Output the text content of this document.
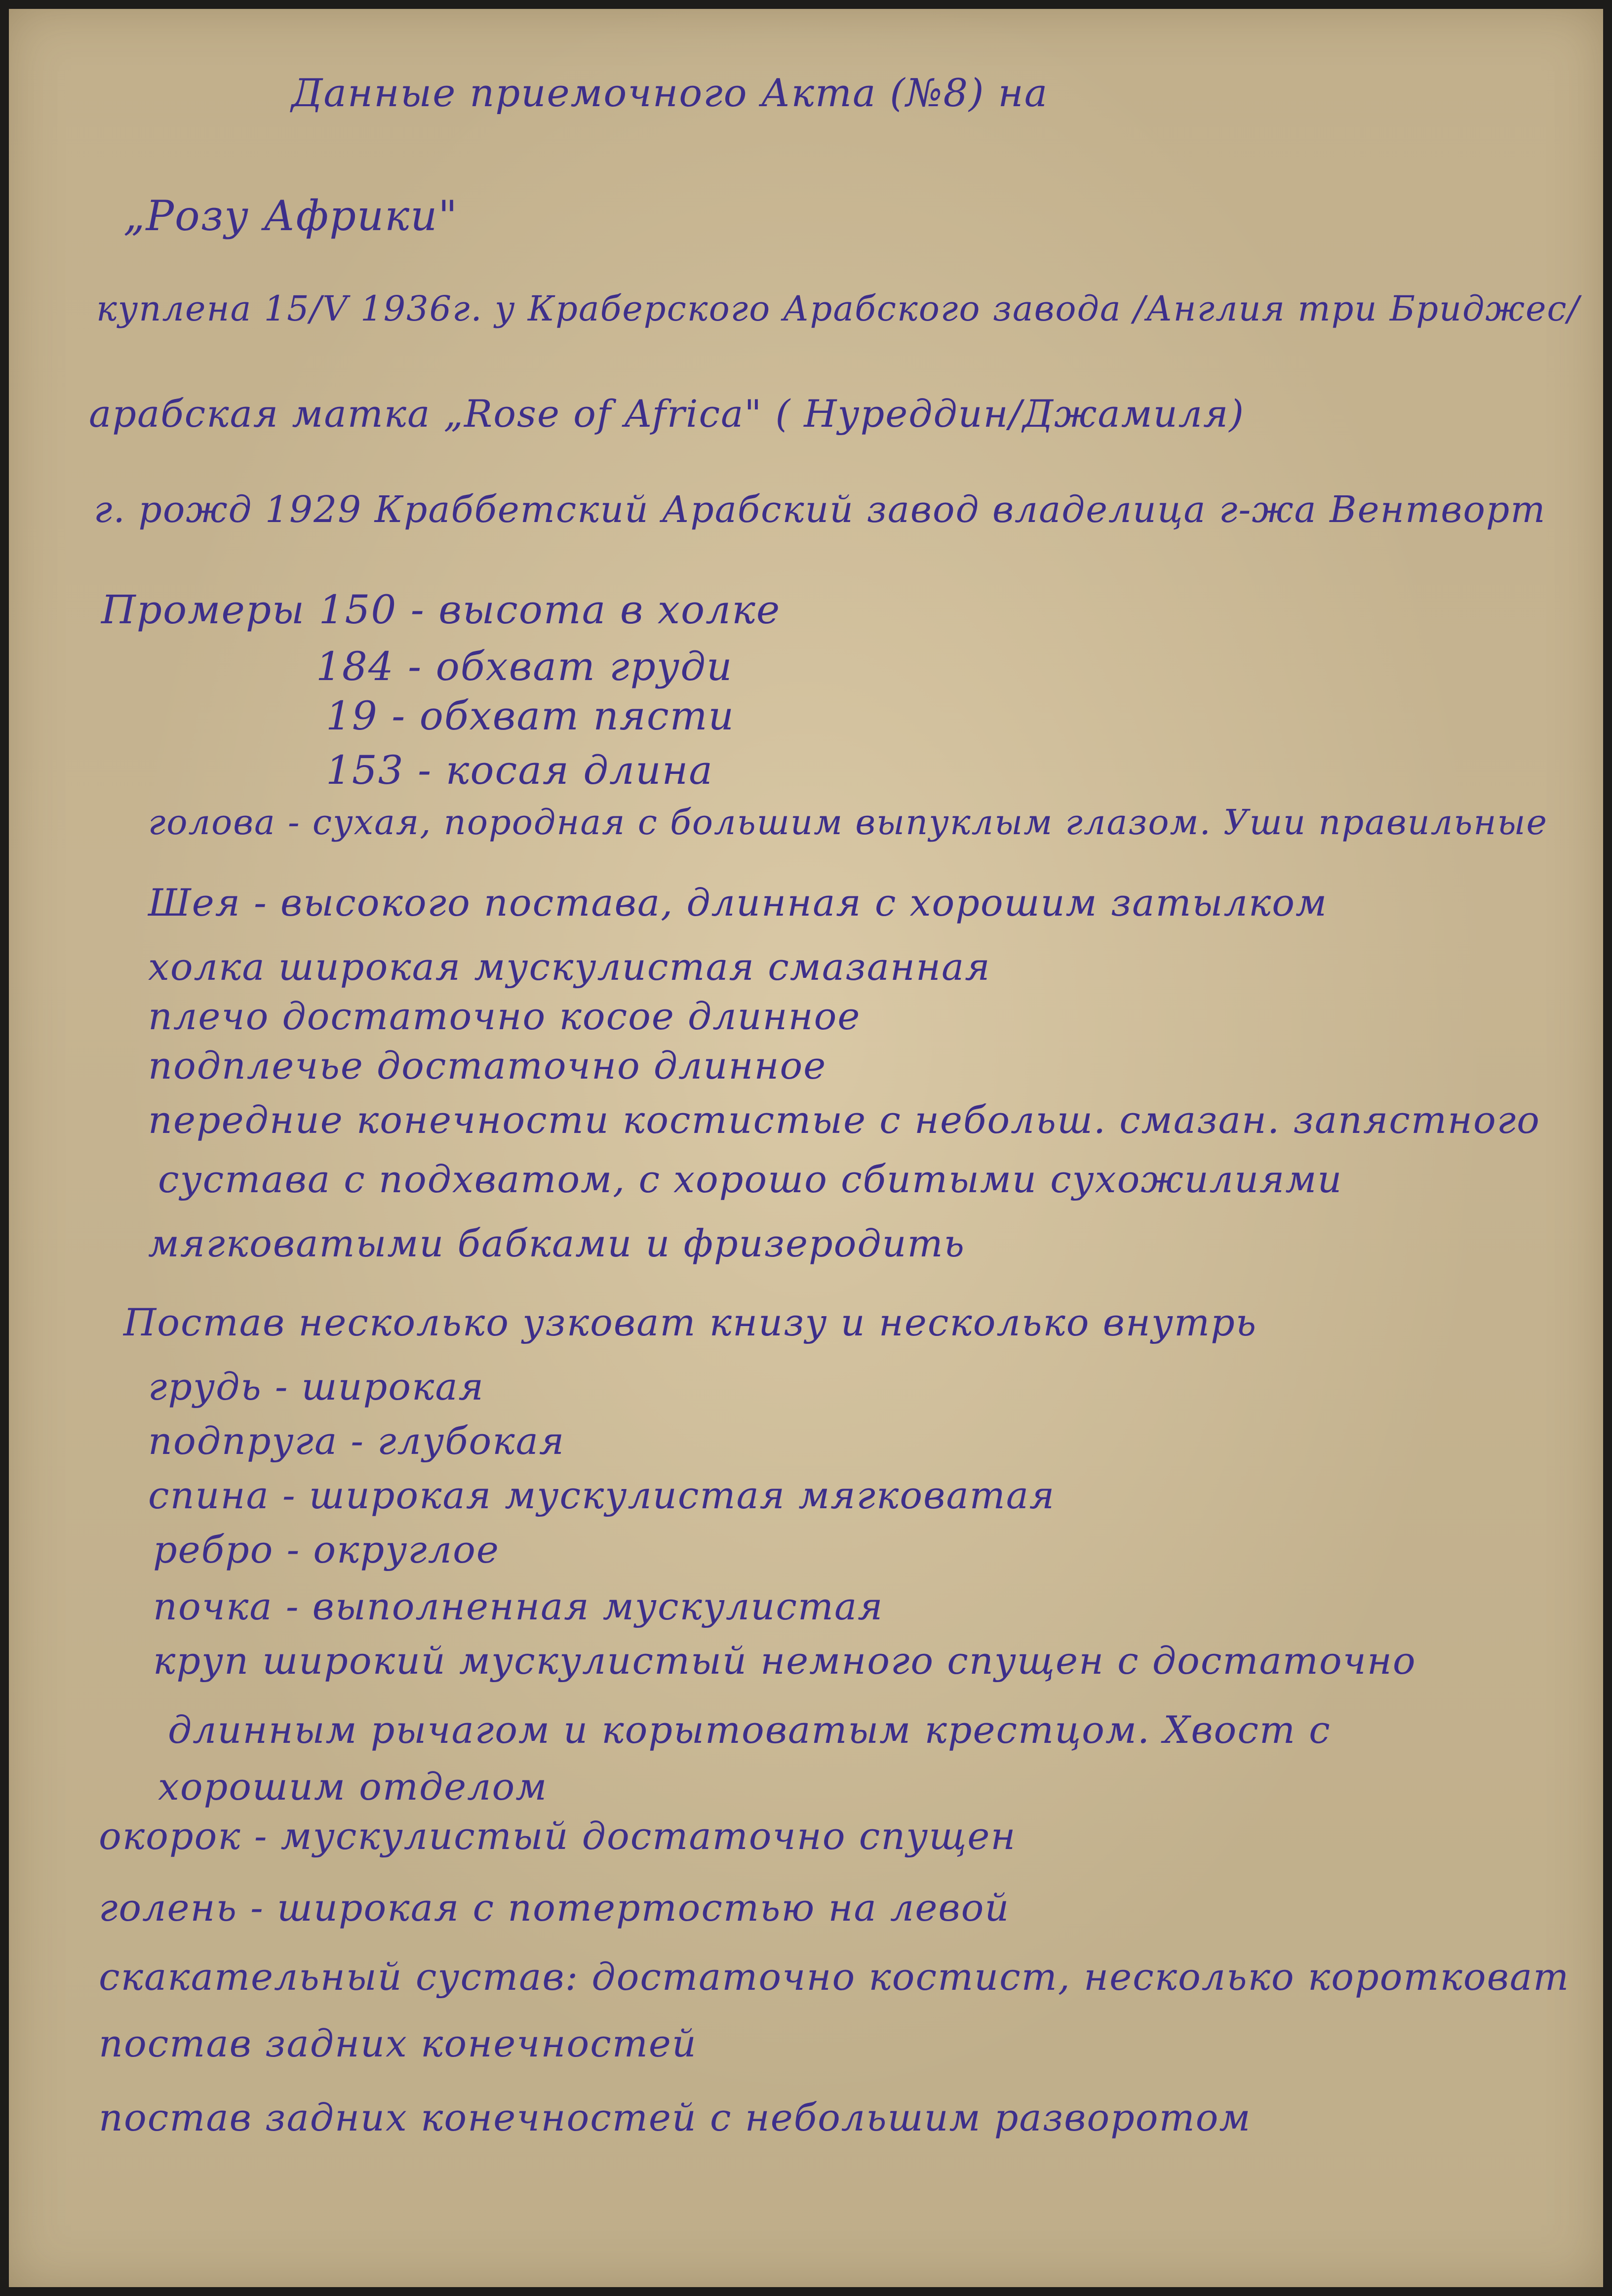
Данные приемочного Акта (№8) на
„Розу Африки"
куплена 15/V 1936г. у Краберского Арабского завода /Англия три Бриджес/
арабская матка „Rose of Africa" ( Нуреддин/Джамиля)
г. рожд 1929 Краббетский Арабский завод владелица г-жа Вентворт
Промеры 150 - высота в холке
184 - обхват груди
19 - обхват пясти
153 - косая длина
голова - сухая, породная с большим выпуклым глазом. Уши правильные
Шея - высокого постава, длинная с хорошим затылком
холка широкая мускулистая смазанная
плечо достаточно косое длинное
подплечье достаточно длинное
передние конечности костистые с небольш. смазан. запястного
сустава с подхватом, с хорошо сбитыми сухожилиями
мягковатыми бабками и фризеродить
Постав несколько узковат книзу и несколько внутрь
грудь - широкая
подпруга - глубокая
спина - широкая мускулистая мягковатая
ребро - округлое
почка - выполненная мускулистая
круп широкий мускулистый немного спущен с достаточно
длинным рычагом и корытоватым крестцом. Хвост с
хорошим отделом
окорок - мускулистый достаточно спущен
голень - широкая с потертостью на левой
скакательный сустав: достаточно костист, несколько коротковат
постав задних конечностей
постав задних конечностей с небольшим разворотом
